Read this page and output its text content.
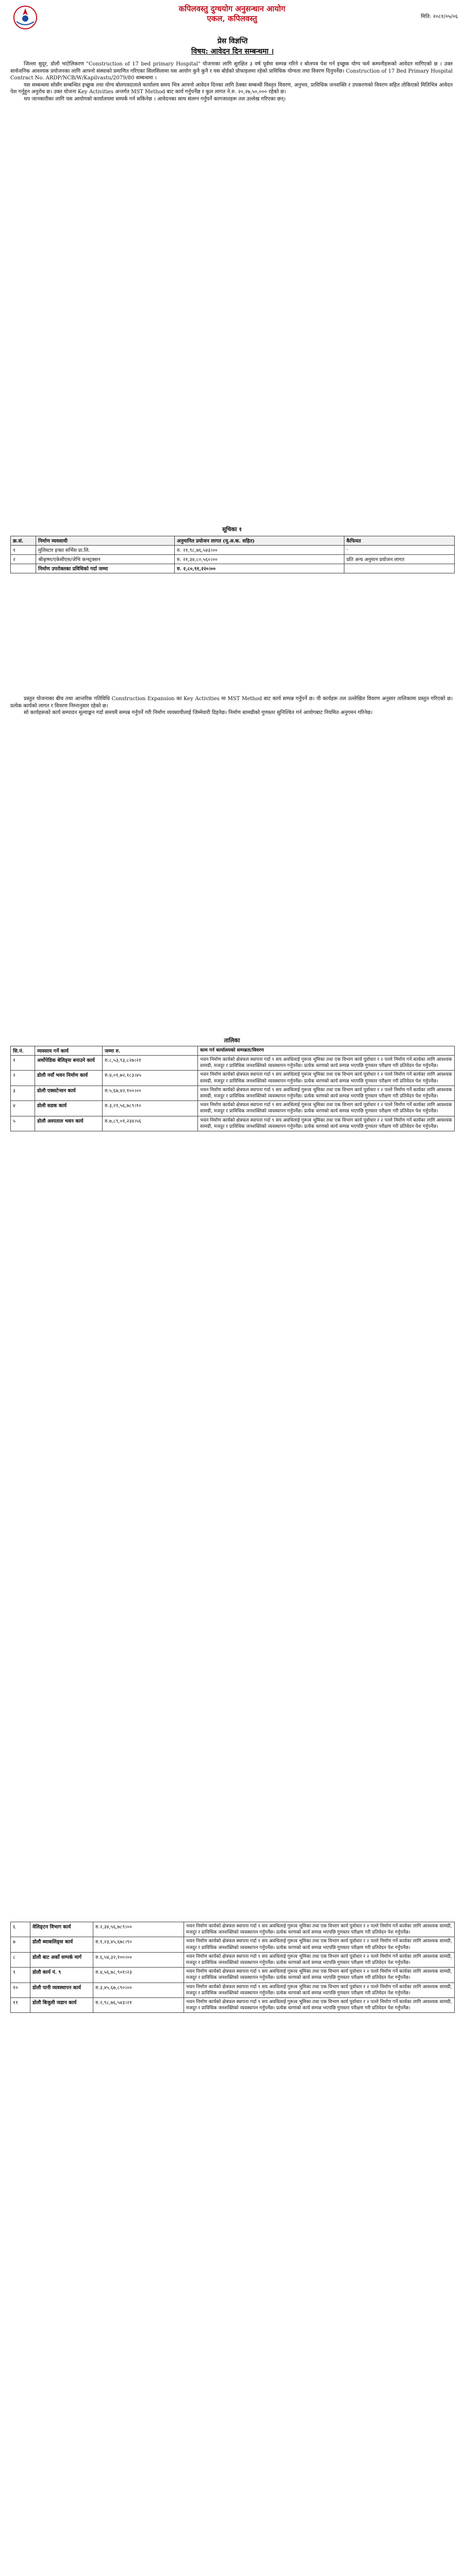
कपिलवस्तु दुग्धयोग अनुसन्धान आयोग
एकल, कपिलवस्तु	मिति: २०८१/०५/०६
प्रेस विज्ञप्ति
विषय: आवेदन दिन सम्बन्धमा ।

जिल्ला सुदूर, डोलौ भाटेलिकरण "Construction of 17 bed primary Hospital" योजनाका लागि सुरक्षित ३ वर्ष पूर्वमा सम्पन्न गरिने र बोलपत्र पेश गर्न इच्छुक योग्य फर्म कम्पनीहरूको आवेदन मागिएको छ । उक्त सार्वजनिक आवश्यक प्रयोजनका लागि आफ्नो संस्थाको प्रमाणित गरिएका सिलसिलामा यस आयोग कुनै कुनै र यस बोर्डको प्रोफाइलमा रहेको प्राविधिक योग्यता तथा विवरण दिनुपर्नेछ। Construction of 17 Bed Primary Hospital Contract No. ARDP/NCB/W/Kapilvastu/2079/80 सम्बन्धमा ।

यस सम्बन्धमा सोसँग सम्बन्धित इच्छुक तथा योग्य बोलपत्रदाताले कार्यालय समय भित्र आफ्नो आवेदन दिनका लागि ठेक्का सम्बन्धी विस्तृत विवरण, अनुभव, प्राविधिक जनशक्ति र उपकरणको विवरण सहित तोकिएको मितिभित्र आवेदन पेश गर्नुहुन अनुरोध छ। उक्त योजना Key Activities अन्तर्गत MST Method बाट कार्य गर्नुपर्नेछ र कुल लागत ने.रु. २०,२७,५०,००० रहेको छ।

थप जानकारीका लागि यस आयोगको कार्यालयमा सम्पर्क गर्न सकिनेछ । आवेदनका साथ संलग्न गर्नुपर्ने कागजातहरू तल उल्लेख गरिएका छन्।

सूचिका १
क्र.सं.	निर्माण व्यवसायी	अनुमानित प्रयोजन लागत (मू.अ.क. सहित)	कैफियत
१	मुलिस्टार इन्फ्रा सर्भिस प्रा.लि.	रु. २१,९८,७६,५४३।००	-
२	श्रीकृष्ण/एकेसीएस/जेभि कन्स्ट्रक्सन	रु. २१,३४,८०,५६०।००	प्रति अन्य अनुमान प्रयोजन लागत
	निर्माण उपरोक्तका प्रविधिको गर्दा जम्मा	रु. २,८०,९१,२२०।००	

प्रस्तुत योजनाका बीच तथा आन्तरिक गतिविधि Construction Expansion का Key Activities मा MST Method बाट कार्य सम्पन्न गर्नुपर्ने छ। यी कार्यहरू तल उल्लेखित विवरण अनुसार तालिकामा प्रस्तुत गरिएको छ। प्रत्येक कार्यको लागत र विवरण निम्नानुसार रहेको छ।

सो कार्यहरूको कार्य सम्पादन मूल्याङ्कन गर्दा समयमै सम्पन्न गर्नुपर्ने गरी निर्माण व्यवसायीलाई जिम्मेवारी दिइनेछ। निर्माण सामग्रीको गुणस्तर सुनिश्चित गर्न आयोगबाट नियमित अनुगमन गरिनेछ।

तालिका
सि.नं.	व्यवसाय गर्ने कार्य	जम्मा रु.	काम गर्न कार्यालयको सम्पन्नता/विवरण
१	अर्थोपेडिक बेलिङ्स बनाउने कार्य	रु.८,५३,९३,८२७।२१	भवन निर्माण कार्यको क्षेत्रफल स्थापना गर्दा ९ सय अवधिलाई गुरूत्व भूमिका तथा एक विभाग कार्य पूर्वाधार र २ पल्ले निर्माण गर्ने कार्यका लागि आवश्यक सामग्री, मजदुर र प्राविधिक जनशक्तिको व्यवस्थापन गर्नुपर्नेछ। प्रत्येक चरणको कार्य सम्पन्न भएपछि गुणस्तर परीक्षण गरी प्रतिवेदन पेश गर्नुपर्नेछ।
२	डोलौ नयाँ भवन निर्माण कार्य	रु.४,०१,७२,१८३।४५	भवन निर्माण कार्यको क्षेत्रफल स्थापना गर्दा ९ सय अवधिलाई गुरूत्व भूमिका तथा एक विभाग कार्य पूर्वाधार र २ पल्ले निर्माण गर्ने कार्यका लागि आवश्यक सामग्री, मजदुर र प्राविधिक जनशक्तिको व्यवस्थापन गर्नुपर्नेछ। प्रत्येक चरणको कार्य सम्पन्न भएपछि गुणस्तर परीक्षण गरी प्रतिवेदन पेश गर्नुपर्नेछ।
३	डोलौ एक्सटेन्सन कार्य	रु.५,६७,४२,१००।००	भवन निर्माण कार्यको क्षेत्रफल स्थापना गर्दा ९ सय अवधिलाई गुरूत्व भूमिका तथा एक विभाग कार्य पूर्वाधार र २ पल्ले निर्माण गर्ने कार्यका लागि आवश्यक सामग्री, मजदुर र प्राविधिक जनशक्तिको व्यवस्थापन गर्नुपर्नेछ। प्रत्येक चरणको कार्य सम्पन्न भएपछि गुणस्तर परीक्षण गरी प्रतिवेदन पेश गर्नुपर्नेछ।
४	डोलौ सडक कार्य	रु.३,२१,५६,७८९।१०	भवन निर्माण कार्यको क्षेत्रफल स्थापना गर्दा ९ सय अवधिलाई गुरूत्व भूमिका तथा एक विभाग कार्य पूर्वाधार र २ पल्ले निर्माण गर्ने कार्यका लागि आवश्यक सामग्री, मजदुर र प्राविधिक जनशक्तिको व्यवस्थापन गर्नुपर्नेछ। प्रत्येक चरणको कार्य सम्पन्न भएपछि गुणस्तर परीक्षण गरी प्रतिवेदन पेश गर्नुपर्नेछ।
५	डोलौ अस्पताल भवन कार्य	रु.७,८९,०१,२३४।५६	भवन निर्माण कार्यको क्षेत्रफल स्थापना गर्दा ९ सय अवधिलाई गुरूत्व भूमिका तथा एक विभाग कार्य पूर्वाधार र २ पल्ले निर्माण गर्ने कार्यका लागि आवश्यक सामग्री, मजदुर र प्राविधिक जनशक्तिको व्यवस्थापन गर्नुपर्नेछ। प्रत्येक चरणको कार्य सम्पन्न भएपछि गुणस्तर परीक्षण गरी प्रतिवेदन पेश गर्नुपर्नेछ।
६	वेलिङ्टन विभाग कार्य	रु.२,३४,५६,७८९।००	भवन निर्माण कार्यको क्षेत्रफल स्थापना गर्दा ९ सय अवधिलाई गुरूत्व भूमिका तथा एक विभाग कार्य पूर्वाधार र २ पल्ले निर्माण गर्ने कार्यका लागि आवश्यक सामग्री, मजदुर र प्राविधिक जनशक्तिको व्यवस्थापन गर्नुपर्नेछ। प्रत्येक चरणको कार्य सम्पन्न भएपछि गुणस्तर परीक्षण गरी प्रतिवेदन पेश गर्नुपर्नेछ।
७	डोलौ ब्याकलिङ्स कार्य	रु.१,२३,४५,६७८।९०	भवन निर्माण कार्यको क्षेत्रफल स्थापना गर्दा ९ सय अवधिलाई गुरूत्व भूमिका तथा एक विभाग कार्य पूर्वाधार र २ पल्ले निर्माण गर्ने कार्यका लागि आवश्यक सामग्री, मजदुर र प्राविधिक जनशक्तिको व्यवस्थापन गर्नुपर्नेछ। प्रत्येक चरणको कार्य सम्पन्न भएपछि गुणस्तर परीक्षण गरी प्रतिवेदन पेश गर्नुपर्नेछ।
८	डोलौ बाट अर्को सम्पर्क मार्ग	रु.६,५४,३२,१००।००	भवन निर्माण कार्यको क्षेत्रफल स्थापना गर्दा ९ सय अवधिलाई गुरूत्व भूमिका तथा एक विभाग कार्य पूर्वाधार र २ पल्ले निर्माण गर्ने कार्यका लागि आवश्यक सामग्री, मजदुर र प्राविधिक जनशक्तिको व्यवस्थापन गर्नुपर्नेछ। प्रत्येक चरणको कार्य सम्पन्न भएपछि गुणस्तर परीक्षण गरी प्रतिवेदन पेश गर्नुपर्नेछ।
९	डोलौ कार्य नं. ९	रु.४,५६,७८,९०१।२३	भवन निर्माण कार्यको क्षेत्रफल स्थापना गर्दा ९ सय अवधिलाई गुरूत्व भूमिका तथा एक विभाग कार्य पूर्वाधार र २ पल्ले निर्माण गर्ने कार्यका लागि आवश्यक सामग्री, मजदुर र प्राविधिक जनशक्तिको व्यवस्थापन गर्नुपर्नेछ। प्रत्येक चरणको कार्य सम्पन्न भएपछि गुणस्तर परीक्षण गरी प्रतिवेदन पेश गर्नुपर्नेछ।
१०	डोलौ पानी व्यवस्थापन कार्य	रु.३,४५,६७,८९०।००	भवन निर्माण कार्यको क्षेत्रफल स्थापना गर्दा ९ सय अवधिलाई गुरूत्व भूमिका तथा एक विभाग कार्य पूर्वाधार र २ पल्ले निर्माण गर्ने कार्यका लागि आवश्यक सामग्री, मजदुर र प्राविधिक जनशक्तिको व्यवस्थापन गर्नुपर्नेछ। प्रत्येक चरणको कार्य सम्पन्न भएपछि गुणस्तर परीक्षण गरी प्रतिवेदन पेश गर्नुपर्नेछ।
११	डोलौ बिजुली जडान कार्य	रु.२,९८,७६,५४३।२१	भवन निर्माण कार्यको क्षेत्रफल स्थापना गर्दा ९ सय अवधिलाई गुरूत्व भूमिका तथा एक विभाग कार्य पूर्वाधार र २ पल्ले निर्माण गर्ने कार्यका लागि आवश्यक सामग्री, मजदुर र प्राविधिक जनशक्तिको व्यवस्थापन गर्नुपर्नेछ। प्रत्येक चरणको कार्य सम्पन्न भएपछि गुणस्तर परीक्षण गरी प्रतिवेदन पेश गर्नुपर्नेछ।
